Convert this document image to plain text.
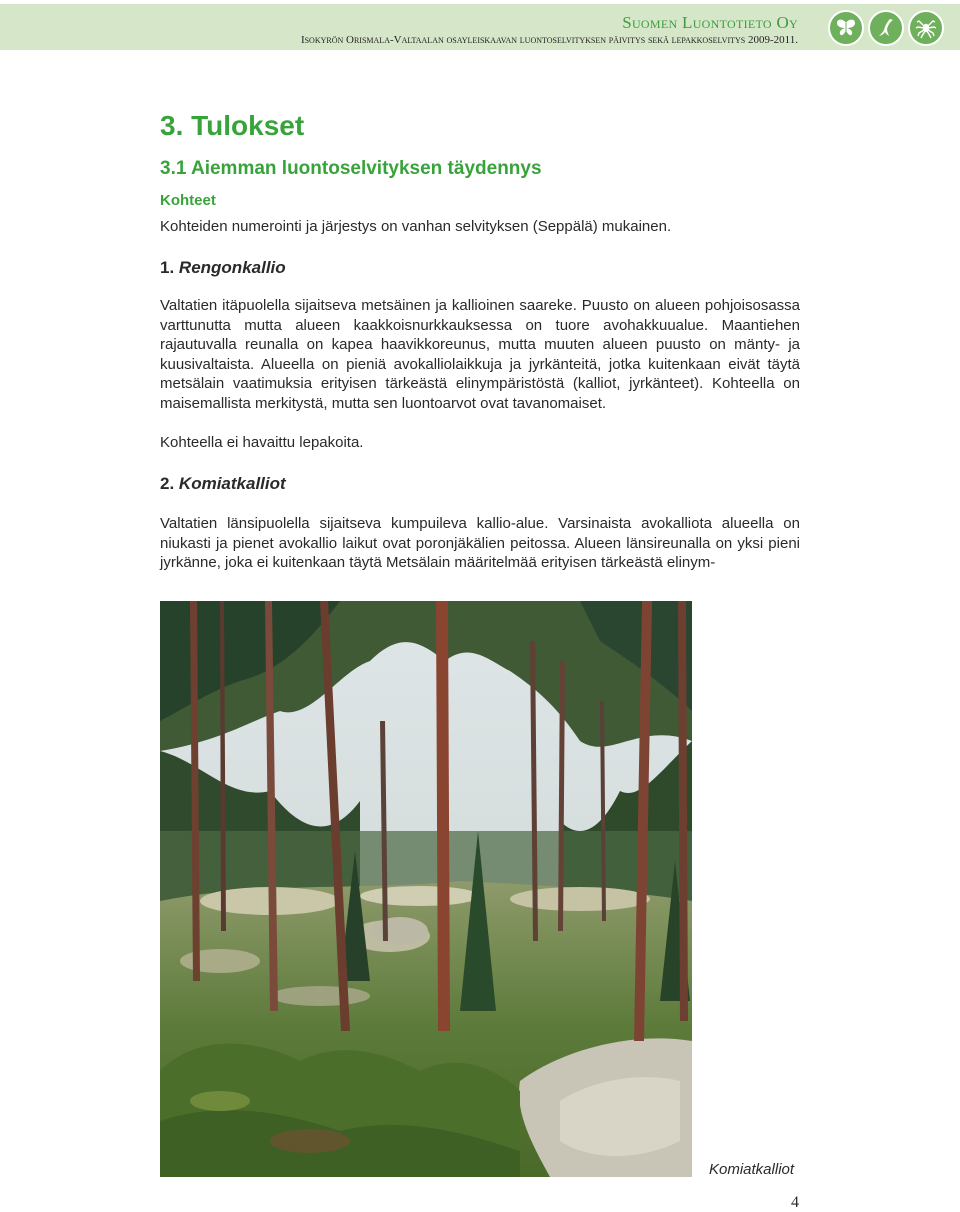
Suomen Luontotieto Oy
Isokyrön Orismala-Valtaalan osayleiskaavan luontoselvityksen päivitys sekä lepakkoselvitys 2009-2011.
3. Tulokset
3.1 Aiemman luontoselvityksen täydennys
Kohteet

Kohteiden numerointi ja järjestys on vanhan selvityksen (Seppälä) mukainen.

1. Rengonkallio

Valtatien itäpuolella sijaitseva metsäinen ja kallioinen saareke. Puusto on alueen pohjoisosassa varttunutta mutta alueen kaakkoisnurkkauksessa on tuore avohakkuualue. Maantiehen rajautuvalla reunalla on kapea haavikkoreunus, mutta muuten alueen puusto on mänty- ja kuusivaltaista. Alueella on pieniä avokalliolaikkuja ja jyrkänteitä, jotka kuitenkaan eivät täytä metsälain vaatimuksia erityisen tärkeästä elinympäristöstä (kalliot, jyrkänteet). Kohteella on maisemallista merkitystä, mutta sen luontoarvot ovat tavanomaiset.

Kohteella ei havaittu lepakoita.

2. Komiatkalliot

Valtatien länsipuolella sijaitseva kumpuileva kallio-alue. Varsinaista avokalliota alueella on niukasti ja pienet avokallio laikut ovat poronjäkälien peitossa. Alueen länsireunalla on yksi pieni jyrkänne, joka ei kuitenkaan täytä Metsälain määritelmää erityisen tärkeästä elinym-

Komiatkalliot
4
